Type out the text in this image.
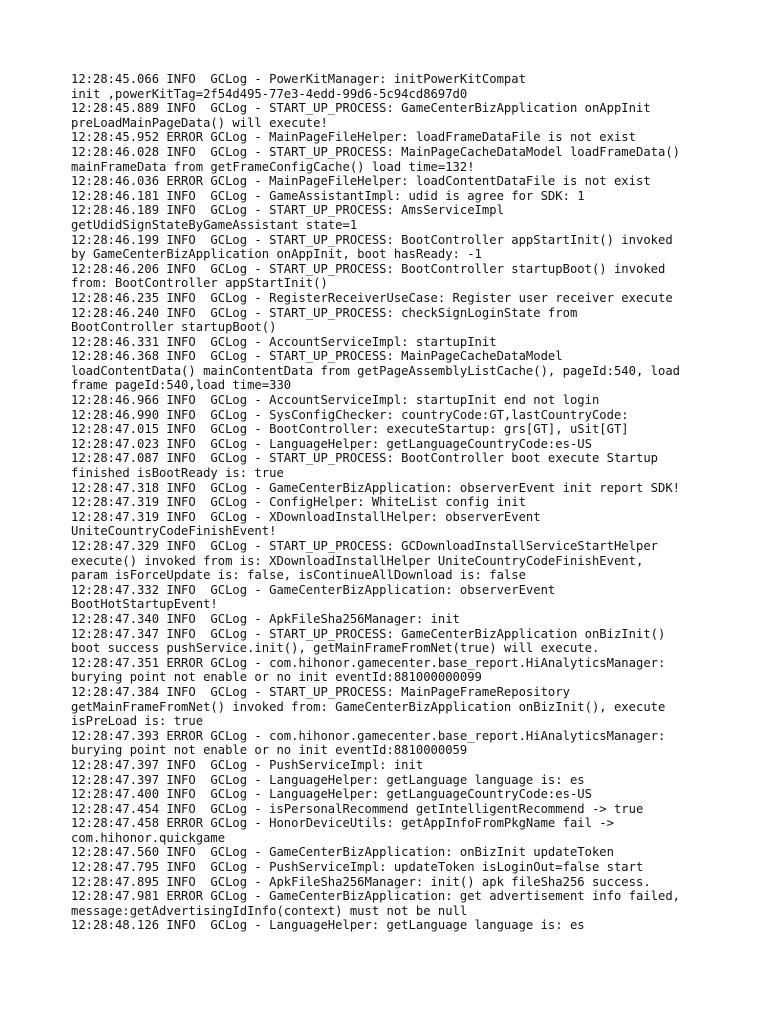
12:28:45.066 INFO  GCLog - PowerKitManager: initPowerKitCompat
init ,powerKitTag=2f54d495-77e3-4edd-99d6-5c94cd8697d0
12:28:45.889 INFO  GCLog - START_UP_PROCESS: GameCenterBizApplication onAppInit
preLoadMainPageData() will execute!
12:28:45.952 ERROR GCLog - MainPageFileHelper: loadFrameDataFile is not exist
12:28:46.028 INFO  GCLog - START_UP_PROCESS: MainPageCacheDataModel loadFrameData()
mainFrameData from getFrameConfigCache() load time=132!
12:28:46.036 ERROR GCLog - MainPageFileHelper: loadContentDataFile is not exist
12:28:46.181 INFO  GCLog - GameAssistantImpl: udid is agree for SDK: 1
12:28:46.189 INFO  GCLog - START_UP_PROCESS: AmsServiceImpl
getUdidSignStateByGameAssistant state=1
12:28:46.199 INFO  GCLog - START_UP_PROCESS: BootController appStartInit() invoked
by GameCenterBizApplication onAppInit, boot hasReady: -1
12:28:46.206 INFO  GCLog - START_UP_PROCESS: BootController startupBoot() invoked
from: BootController appStartInit()
12:28:46.235 INFO  GCLog - RegisterReceiverUseCase: Register user receiver execute
12:28:46.240 INFO  GCLog - START_UP_PROCESS: checkSignLoginState from
BootController startupBoot()
12:28:46.331 INFO  GCLog - AccountServiceImpl: startupInit
12:28:46.368 INFO  GCLog - START_UP_PROCESS: MainPageCacheDataModel
loadContentData() mainContentData from getPageAssemblyListCache(), pageId:540, load
frame pageId:540,load time=330
12:28:46.966 INFO  GCLog - AccountServiceImpl: startupInit end not login
12:28:46.990 INFO  GCLog - SysConfigChecker: countryCode:GT,lastCountryCode:
12:28:47.015 INFO  GCLog - BootController: executeStartup: grs[GT], uSit[GT]
12:28:47.023 INFO  GCLog - LanguageHelper: getLanguageCountryCode:es-US
12:28:47.087 INFO  GCLog - START_UP_PROCESS: BootController boot execute Startup
finished isBootReady is: true
12:28:47.318 INFO  GCLog - GameCenterBizApplication: observerEvent init report SDK!
12:28:47.319 INFO  GCLog - ConfigHelper: WhiteList config init
12:28:47.319 INFO  GCLog - XDownloadInstallHelper: observerEvent
UniteCountryCodeFinishEvent!
12:28:47.329 INFO  GCLog - START_UP_PROCESS: GCDownloadInstallServiceStartHelper
execute() invoked from is: XDownloadInstallHelper UniteCountryCodeFinishEvent,
param isForceUpdate is: false, isContinueAllDownload is: false
12:28:47.332 INFO  GCLog - GameCenterBizApplication: observerEvent
BootHotStartupEvent!
12:28:47.340 INFO  GCLog - ApkFileSha256Manager: init
12:28:47.347 INFO  GCLog - START_UP_PROCESS: GameCenterBizApplication onBizInit()
boot success pushService.init(), getMainFrameFromNet(true) will execute.
12:28:47.351 ERROR GCLog - com.hihonor.gamecenter.base_report.HiAnalyticsManager:
burying point not enable or no init eventId:881000000099
12:28:47.384 INFO  GCLog - START_UP_PROCESS: MainPageFrameRepository
getMainFrameFromNet() invoked from: GameCenterBizApplication onBizInit(), execute
isPreLoad is: true
12:28:47.393 ERROR GCLog - com.hihonor.gamecenter.base_report.HiAnalyticsManager:
burying point not enable or no init eventId:8810000059
12:28:47.397 INFO  GCLog - PushServiceImpl: init
12:28:47.397 INFO  GCLog - LanguageHelper: getLanguage language is: es
12:28:47.400 INFO  GCLog - LanguageHelper: getLanguageCountryCode:es-US
12:28:47.454 INFO  GCLog - isPersonalRecommend getIntelligentRecommend -> true
12:28:47.458 ERROR GCLog - HonorDeviceUtils: getAppInfoFromPkgName fail ->
com.hihonor.quickgame
12:28:47.560 INFO  GCLog - GameCenterBizApplication: onBizInit updateToken
12:28:47.795 INFO  GCLog - PushServiceImpl: updateToken isLoginOut=false start
12:28:47.895 INFO  GCLog - ApkFileSha256Manager: init() apk fileSha256 success.
12:28:47.981 ERROR GCLog - GameCenterBizApplication: get advertisement info failed,
message:getAdvertisingIdInfo(context) must not be null
12:28:48.126 INFO  GCLog - LanguageHelper: getLanguage language is: es
